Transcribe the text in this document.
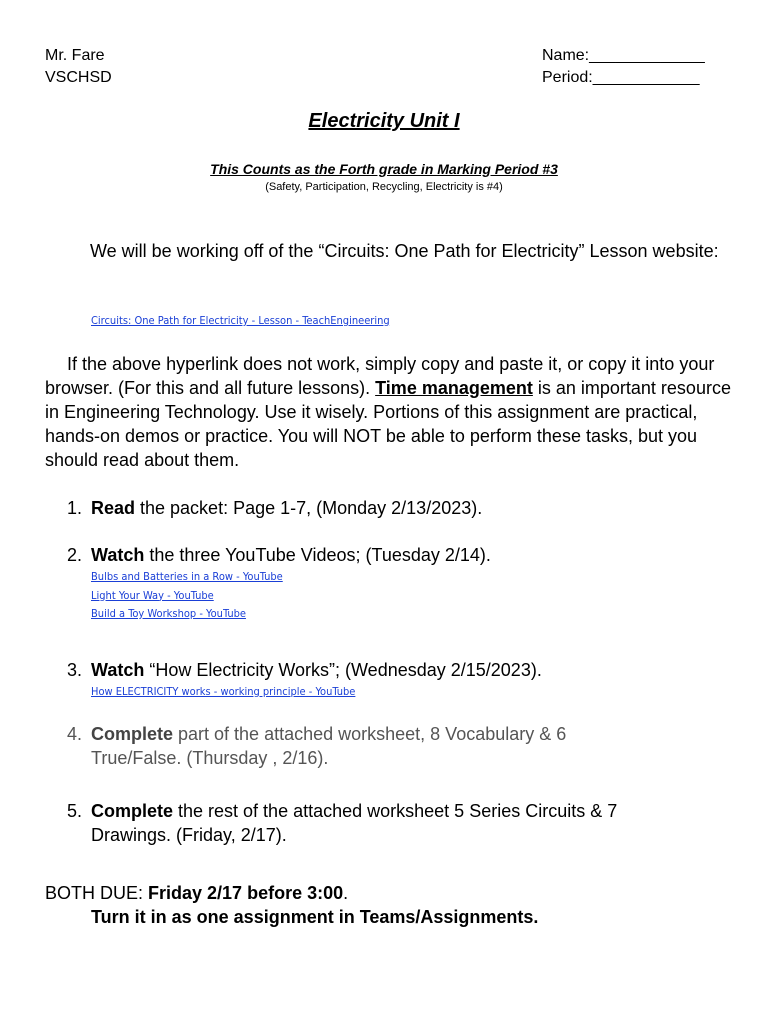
Mr. Fare
VSCHSD
Name:_____________
Period:____________
Electricity Unit I
This Counts as the Forth grade in Marking Period #3
(Safety, Participation, Recycling, Electricity is #4)
We will be working off of the “Circuits: One Path for Electricity” Lesson website:
Circuits: One Path for Electricity - Lesson - TeachEngineering
If the above hyperlink does not work, simply copy and paste it, or copy it into your browser. (For this and all future lessons). Time management is an important resource in Engineering Technology. Use it wisely. Portions of this assignment are practical, hands-on demos or practice. You will NOT be able to perform these tasks, but you should read about them.
1. Read the packet: Page 1-7, (Monday 2/13/2023).
2. Watch the three YouTube Videos; (Tuesday 2/14).
Bulbs and Batteries in a Row - YouTube
Light Your Way - YouTube
Build a Toy Workshop - YouTube
3. Watch “How Electricity Works”; (Wednesday 2/15/2023).
How ELECTRICITY works - working principle - YouTube
4. Complete part of the attached worksheet, 8 Vocabulary & 6
True/False. (Thursday , 2/16).
5. Complete the rest of the attached worksheet 5 Series Circuits & 7
Drawings. (Friday, 2/17).
BOTH DUE: Friday 2/17 before 3:00.
Turn it in as one assignment in Teams/Assignments.
